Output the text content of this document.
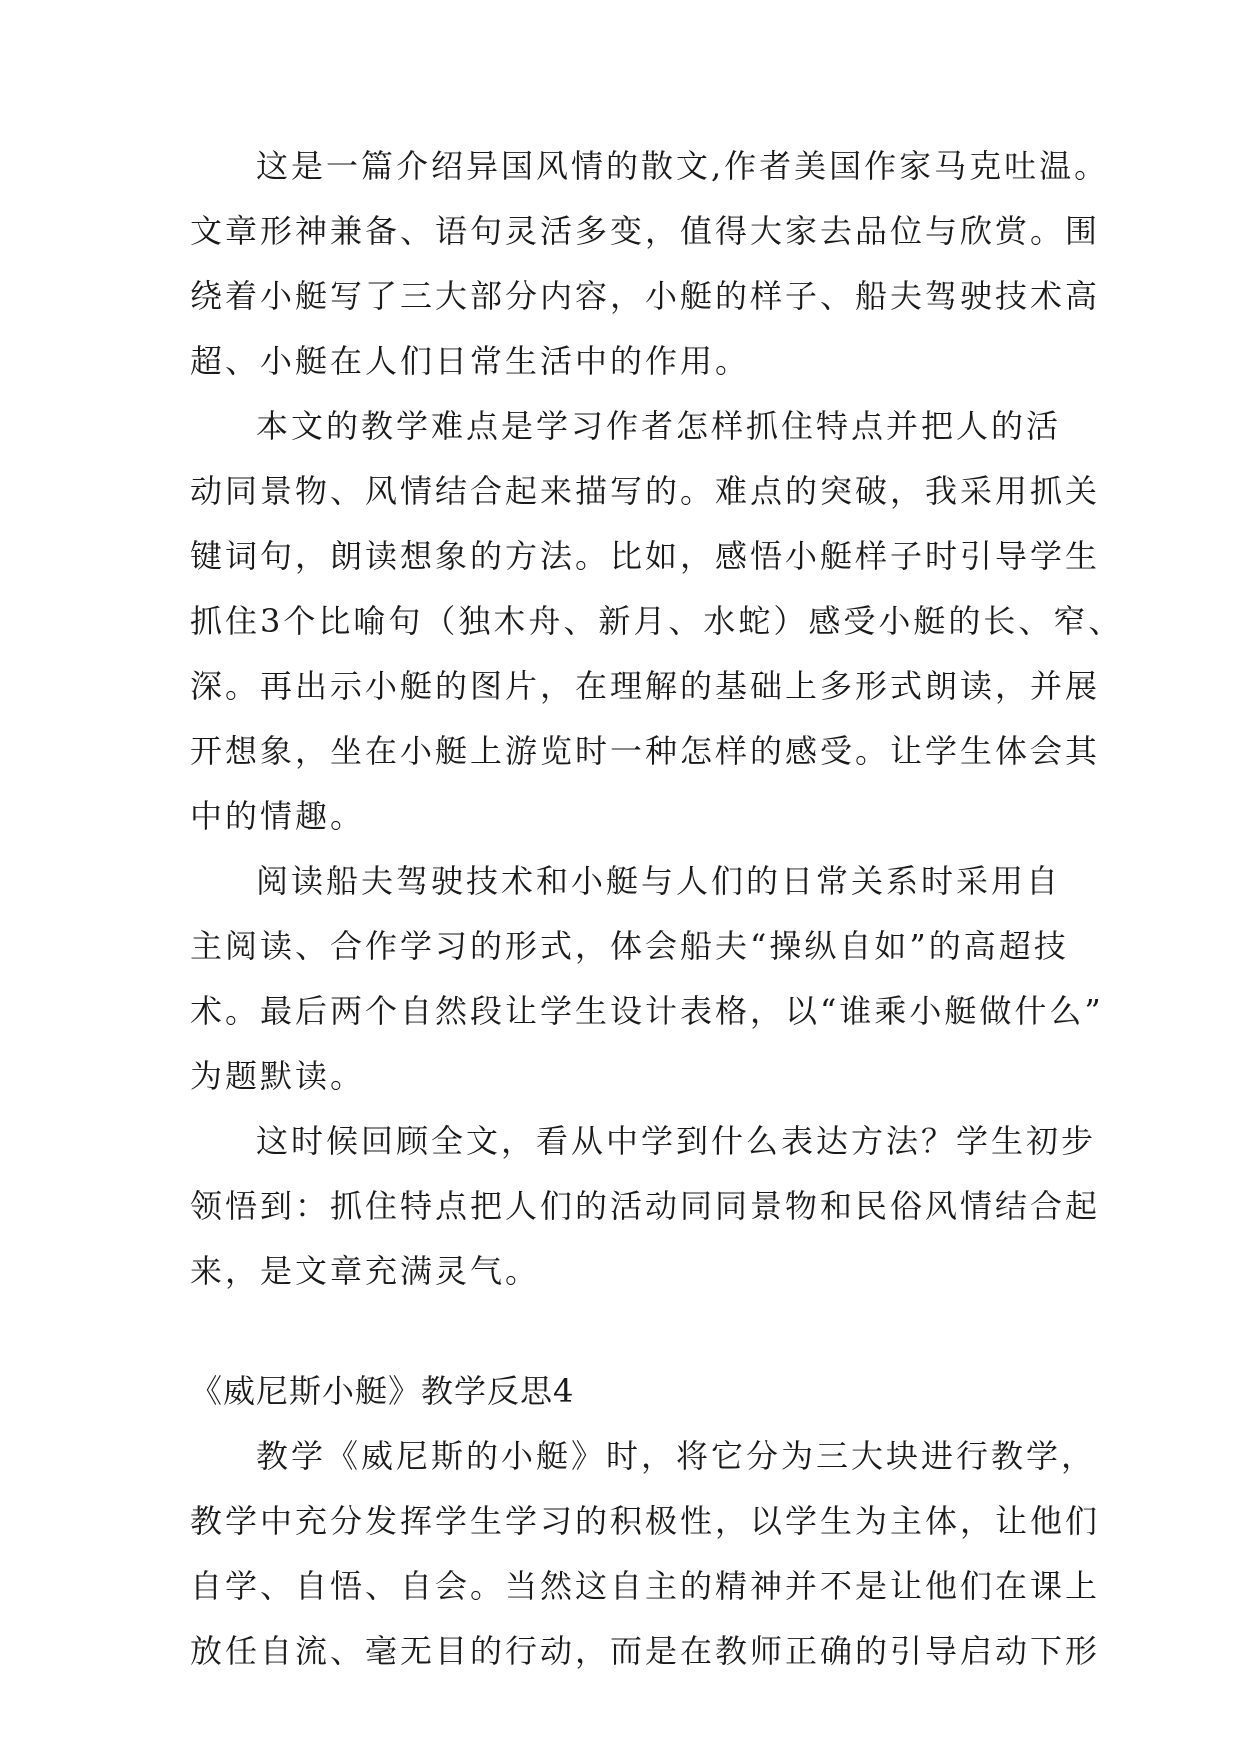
这是一篇介绍异国风情的散文,作者美国作家马克吐温。
文章形神兼备、语句灵活多变，值得大家去品位与欣赏。围
绕着小艇写了三大部分内容，小艇的样子、船夫驾驶技术高
超、小艇在人们日常生活中的作用。
本文的教学难点是学习作者怎样抓住特点并把人的活
动同景物、风情结合起来描写的。难点的突破，我采用抓关
键词句，朗读想象的方法。比如，感悟小艇样子时引导学生
抓住3个比喻句（独木舟、新月、水蛇）感受小艇的长、窄、
深。再出示小艇的图片，在理解的基础上多形式朗读，并展
开想象，坐在小艇上游览时一种怎样的感受。让学生体会其
中的情趣。
阅读船夫驾驶技术和小艇与人们的日常关系时采用自
主阅读、合作学习的形式，体会船夫“操纵自如”的高超技
术。最后两个自然段让学生设计表格，以“谁乘小艇做什么”
为题默读。
这时候回顾全文，看从中学到什么表达方法？学生初步
领悟到：抓住特点把人们的活动同同景物和民俗风情结合起
来，是文章充满灵气。
《威尼斯小艇》教学反思4
教学《威尼斯的小艇》时，将它分为三大块进行教学，
教学中充分发挥学生学习的积极性，以学生为主体，让他们
自学、自悟、自会。当然这自主的精神并不是让他们在课上
放任自流、毫无目的行动，而是在教师正确的引导启动下形
